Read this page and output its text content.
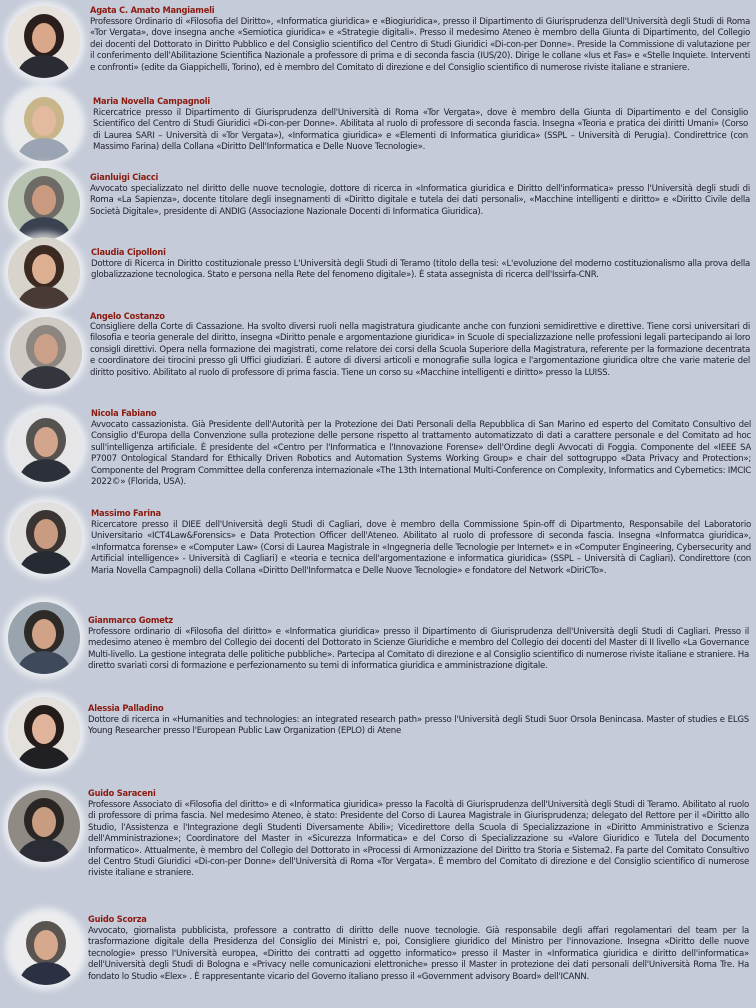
Agata C. Amato Mangiameli

Professore Ordinario di «Filosofia del Diritto», «Informatica giuridica» e «Biogiuridica», presso il Dipartimento di Giurisprudenza dell'Università degli Studi di Roma «Tor Vergata», dove insegna anche «Semiotica giuridica» e «Strategie digitali». Presso il medesimo Ateneo è membro della Giunta di Dipartimento, del Collegio dei docenti del Dottorato in Diritto Pubblico e del Consiglio scientifico del Centro di Studi Giuridici «Di-con-per Donne». Preside la Commissione di valutazione per il conferimento dell'Abilitazione Scientifica Nazionale a professore di prima e di seconda fascia (IUS/20). Dirige le collane «Ius et Fas» e «Stelle Inquiete. Interventi e confronti» (edite da Giappichelli, Torino), ed è membro del Comitato di direzione e del Consiglio scientifico di numerose riviste italiane e straniere.

Maria Novella Campagnoli

Ricercatrice presso il Dipartimento di Giurisprudenza dell'Università di Roma «Tor Vergata», dove è membro della Giunta di Dipartimento e del Consiglio Scientifico del Centro di Studi Giuridici «Di-con-per Donne». Abilitata al ruolo di professore di seconda fascia. Insegna «Teoria e pratica dei diritti Umani» (Corso di Laurea SARI – Università di «Tor Vergata»), «Informatica giuridica» e «Elementi di Informatica giuridica» (SSPL – Università di Perugia). Condirettrice (con Massimo Farina) della Collana «Diritto Dell'Informatica e Delle Nuove Tecnologie».

Gianluigi Ciacci

Avvocato specializzato nel diritto delle nuove tecnologie, dottore di ricerca in «Informatica giuridica e Diritto dell'informatica» presso l'Università degli studi di Roma «La Sapienza», docente titolare degli insegnamenti di «Diritto digitale e tutela dei dati personali», «Macchine intelligenti e diritto» e «Diritto Civile della Società Digitale», presidente di ANDIG (Associazione Nazionale Docenti di Informatica Giuridica).

Claudia Cipolloni

Dottore di Ricerca in Diritto costituzionale presso L'Università degli Studi di Teramo (titolo della tesi: «L'evoluzione del moderno costituzionalismo alla prova della globalizzazione tecnologica. Stato e persona nella Rete del fenomeno digitale»). È stata assegnista di ricerca dell'Issirfa-CNR.

Angelo Costanzo

Consigliere della Corte di Cassazione. Ha svolto diversi ruoli nella magistratura giudicante anche con funzioni semidirettive e direttive. Tiene corsi universitari di filosofia e teoria generale del diritto, insegna «Diritto penale e argomentazione giuridica» in Scuole di specializzazione nelle professioni legali partecipando ai loro consigli direttivi. Opera nella formazione dei magistrati, come relatore dei corsi della Scuola Superiore della Magistratura, referente per la formazione decentrata e coordinatore dei tirocini presso gli Uffici giudiziari. È autore di diversi articoli e monografie sulla logica e l'argomentazione giuridica oltre che varie materie del diritto positivo. Abilitato al ruolo di professore di prima fascia. Tiene un corso su «Macchine intelligenti e diritto» presso la LUISS.

Nicola Fabiano

Avvocato cassazionista. Già Presidente dell'Autorità per la Protezione dei Dati Personali della Repubblica di San Marino ed esperto del Comitato Consultivo del Consiglio d'Europa della Convenzione sulla protezione delle persone rispetto al trattamento automatizzato di dati a carattere personale e del Comitato ad hoc sull'intelligenza artificiale. È presidente del «Centro per l'Informatica e l'Innovazione Forense» dell'Ordine degli Avvocati di Foggia. Componente del «IEEE SA P7007 Ontological Standard for Ethically Driven Robotics and Automation Systems Working Group» e chair del sottogruppo «Data Privacy and Protection»; Componente del Program Committee della conferenza internazionale «The 13th International Multi-Conference on Complexity, Informatics and Cybernetics: IMCIC 2022©» (Florida, USA).

Massimo Farina

Ricercatore presso il DIEE dell'Università degli Studi di Cagliari, dove è membro della Commissione Spin-off di Dipartmento, Responsabile del Laboratorio Universitario «ICT4Law&Forensics» e Data Protection Officer dell'Ateneo. Abilitato al ruolo di professore di seconda fascia. Insegna «Informatca giuridica», «Informatca forense» e «Computer Law» (Corsi di Laurea Magistrale in «Ingegneria delle Tecnologie per Internet» e in «Computer Engineering, Cybersecurity and Artificial intelligence» - Università di Cagliari) e «teoria e tecnica dell'argomentazione e informatica giuridica» (SSPL – Università di Cagliari). Condirettore (con Maria Novella Campagnoli) della Collana «Diritto Dell'Informatca e Delle Nuove Tecnologie» e fondatore del Network «DiriCTo».

Gianmarco Gometz

Professore ordinario di «Filosofia del diritto» e «Informatica giuridica» presso il Dipartimento di Giurisprudenza dell'Università degli Studi di Cagliari. Presso il medesimo ateneo è membro del Collegio dei docenti del Dottorato in Scienze Giuridiche e membro del Collegio dei docenti del Master di II livello «La Governance Multi-livello. La gestione integrata delle politiche pubbliche». Partecipa al Comitato di direzione e al Consiglio scientifico di numerose riviste italiane e straniere. Ha diretto svariati corsi di formazione e perfezionamento su temi di informatica giuridica e amministrazione digitale.

Alessia Palladino

Dottore di ricerca in «Humanities and technologies: an integrated research path» presso l'Università degli Studi Suor Orsola Benincasa. Master of studies e ELGS Young Researcher presso l'European Public Law Organization (EPLO) di Atene

Guido Saraceni

Professore Associato di «Filosofia del diritto» e di «Informatica giuridica» presso la Facoltà di Giurisprudenza dell'Università degli Studi di Teramo. Abilitato al ruolo di professore di prima fascia. Nel medesimo Ateneo, è stato: Presidente del Corso di Laurea Magistrale in Giurisprudenza; delegato del Rettore per il «Diritto allo Studio, l'Assistenza e l'Integrazione degli Studenti Diversamente Abili»; Vicedirettore della Scuola di Specializzazione in «Diritto Amministrativo e Scienza dell'Amministrazione»; Coordinatore del Master in «Sicurezza Informatica» e del Corso di Specializzazione su «Valore Giuridico e Tutela del Documento Informatico». Attualmente, è membro del Collegio del Dottorato in «Processi di Armonizzazione del Diritto tra Storia e Sistema2. Fa parte del Comitato Consultivo del Centro Studi Giuridici «Di-con-per Donne» dell'Università di Roma «Tor Vergata». È membro del Comitato di direzione e del Consiglio scientifico di numerose riviste italiane e straniere.

Guido Scorza

Avvocato, giornalista pubblicista, professore a contratto di diritto delle nuove tecnologie. Già responsabile degli affari regolamentari del team per la trasformazione digitale della Presidenza del Consiglio dei Ministri e, poi, Consigliere giuridico del Ministro per l'innovazione. Insegna «Diritto delle nuove tecnologie» presso l'Università europea, «Diritto dei contratti ad oggetto informatico» presso il Master in «Informatica giuridica e diritto dell'informatica» dell'Università degli Studi di Bologna e «Privacy nelle comunicazioni elettroniche» presso il Master in protezione dei dati personali dell'Università Roma Tre. Ha fondato lo Studio «Elex» . È rappresentante vicario del Governo italiano presso il «Government advisory Board» dell'ICANN.
